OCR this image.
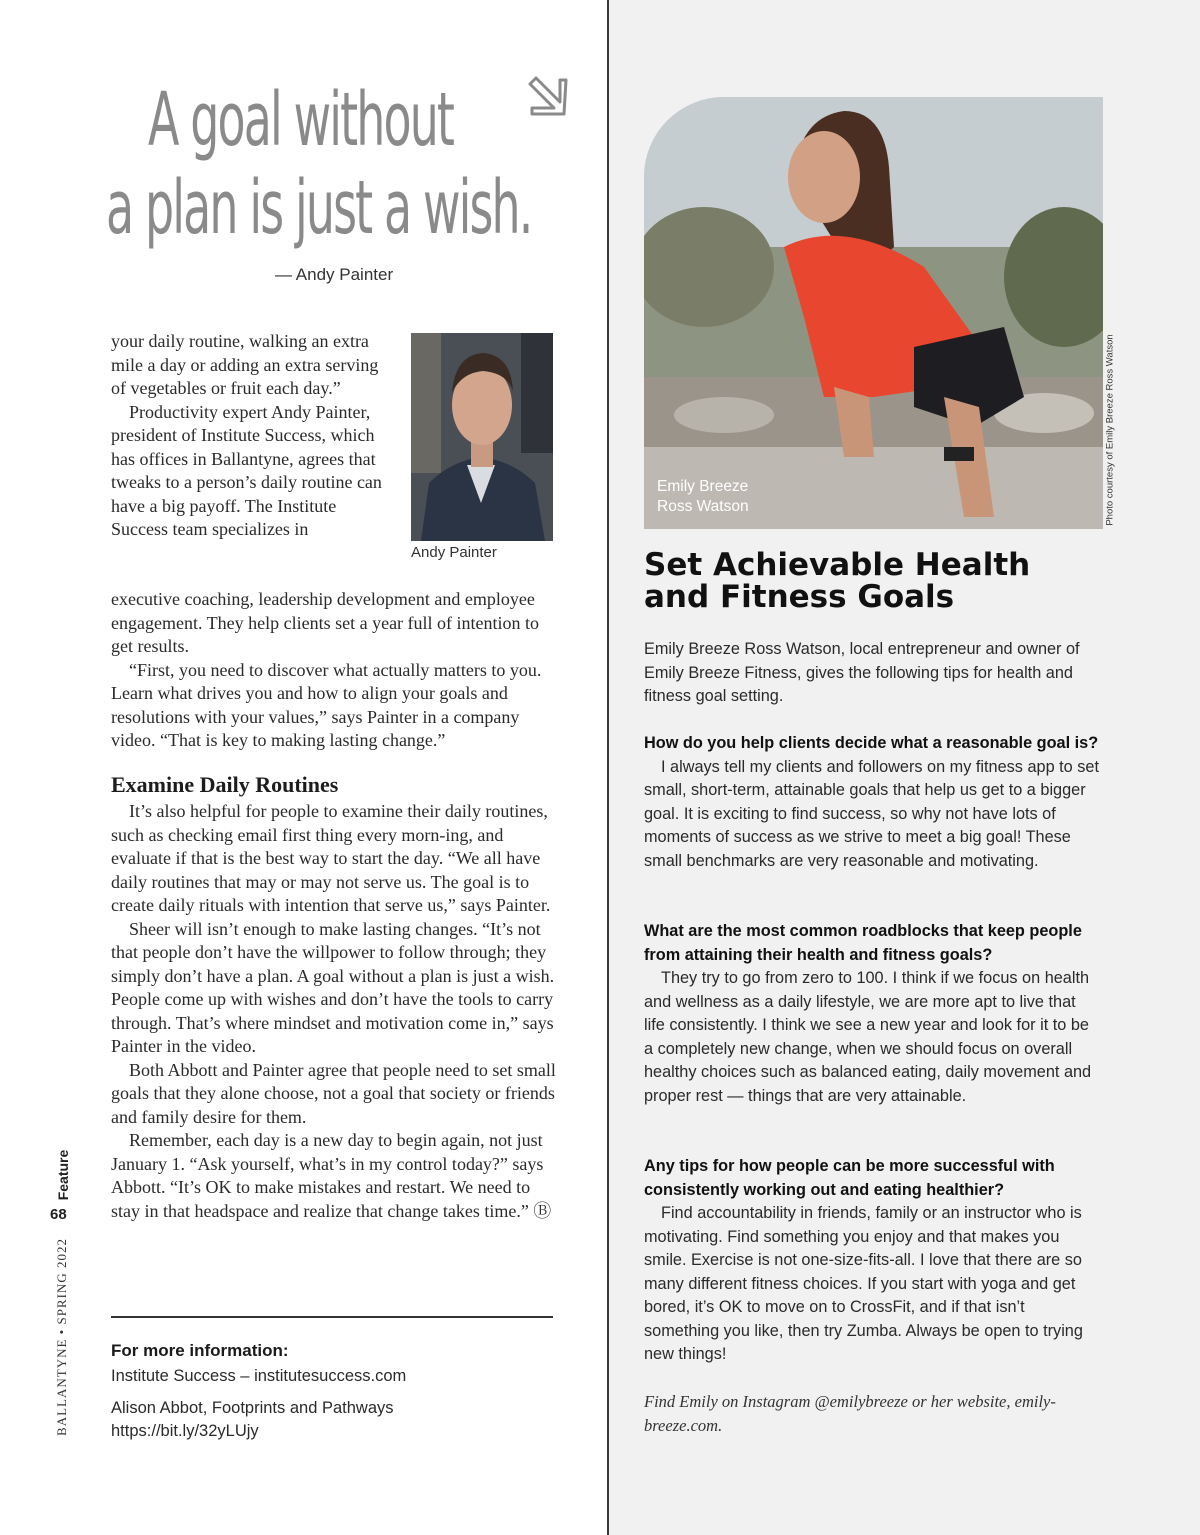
A goal without
a plan is just a wish.
— Andy Painter

your daily routine, walking an extra mile a day or adding an extra serving of vegetables or fruit each day.”

Productivity expert Andy Painter, president of Institute Success, which has offices in Ballantyne, agrees that tweaks to a person’s daily routine can have a big payoff. The Institute Success team specializes in

Andy Painter

executive coaching, leadership development and employee engagement. They help clients set a year full of intention to get results.

“First, you need to discover what actually matters to you. Learn what drives you and how to align your goals and resolutions with your values,” says Painter in a company video. “That is key to making lasting change.”

Examine Daily Routines

It’s also helpful for people to examine their daily routines, such as checking email first thing every morn-ing, and evaluate if that is the best way to start the day. “We all have daily routines that may or may not serve us. The goal is to create daily rituals with intention that serve us,” says Painter.

Sheer will isn’t enough to make lasting changes. “It’s not that people don’t have the willpower to follow through; they simply don’t have a plan. A goal without a plan is just a wish. People come up with wishes and don’t have the tools to carry through. That’s where mindset and motivation come in,” says Painter in the video.

Both Abbott and Painter agree that people need to set small goals that they alone choose, not a goal that society or friends and family desire for them.

Remember, each day is a new day to begin again, not just January 1. “Ask yourself, what’s in my control today?” says Abbott. “It’s OK to make mistakes and restart. We need to stay in that headspace and realize that change takes time.” Ⓑ

For more information:
Institute Success – institutesuccess.com
Alison Abbot, Footprints and Pathways
https://bit.ly/32yLUjy
Feature
68
BALLANTYNE • SPRING 2022
Emily Breeze
Ross Watson	Photo courtesy of Emily Breeze Ross Watson
Set Achievable Health and Fitness Goals
Emily Breeze Ross Watson, local entrepreneur and owner of Emily Breeze Fitness, gives the following tips for health and fitness goal setting.
How do you help clients decide what a reasonable goal is?
I always tell my clients and followers on my fitness app to set small, short-term, attainable goals that help us get to a bigger goal. It is exciting to find success, so why not have lots of moments of success as we strive to meet a big goal! These small benchmarks are very reasonable and motivating.
What are the most common roadblocks that keep people from attaining their health and fitness goals?
They try to go from zero to 100. I think if we focus on health and wellness as a daily lifestyle, we are more apt to live that life consistently. I think we see a new year and look for it to be a completely new change, when we should focus on overall healthy choices such as balanced eating, daily movement and proper rest — things that are very attainable.
Any tips for how people can be more successful with consistently working out and eating healthier?
Find accountability in friends, family or an instructor who is motivating. Find something you enjoy and that makes you smile. Exercise is not one-size-fits-all. I love that there are so many different fitness choices. If you start with yoga and get bored, it’s OK to move on to CrossFit, and if that isn’t something you like, then try Zumba. Always be open to trying new things!
Find Emily on Instagram @emilybreeze or her website, emily-breeze.com.
